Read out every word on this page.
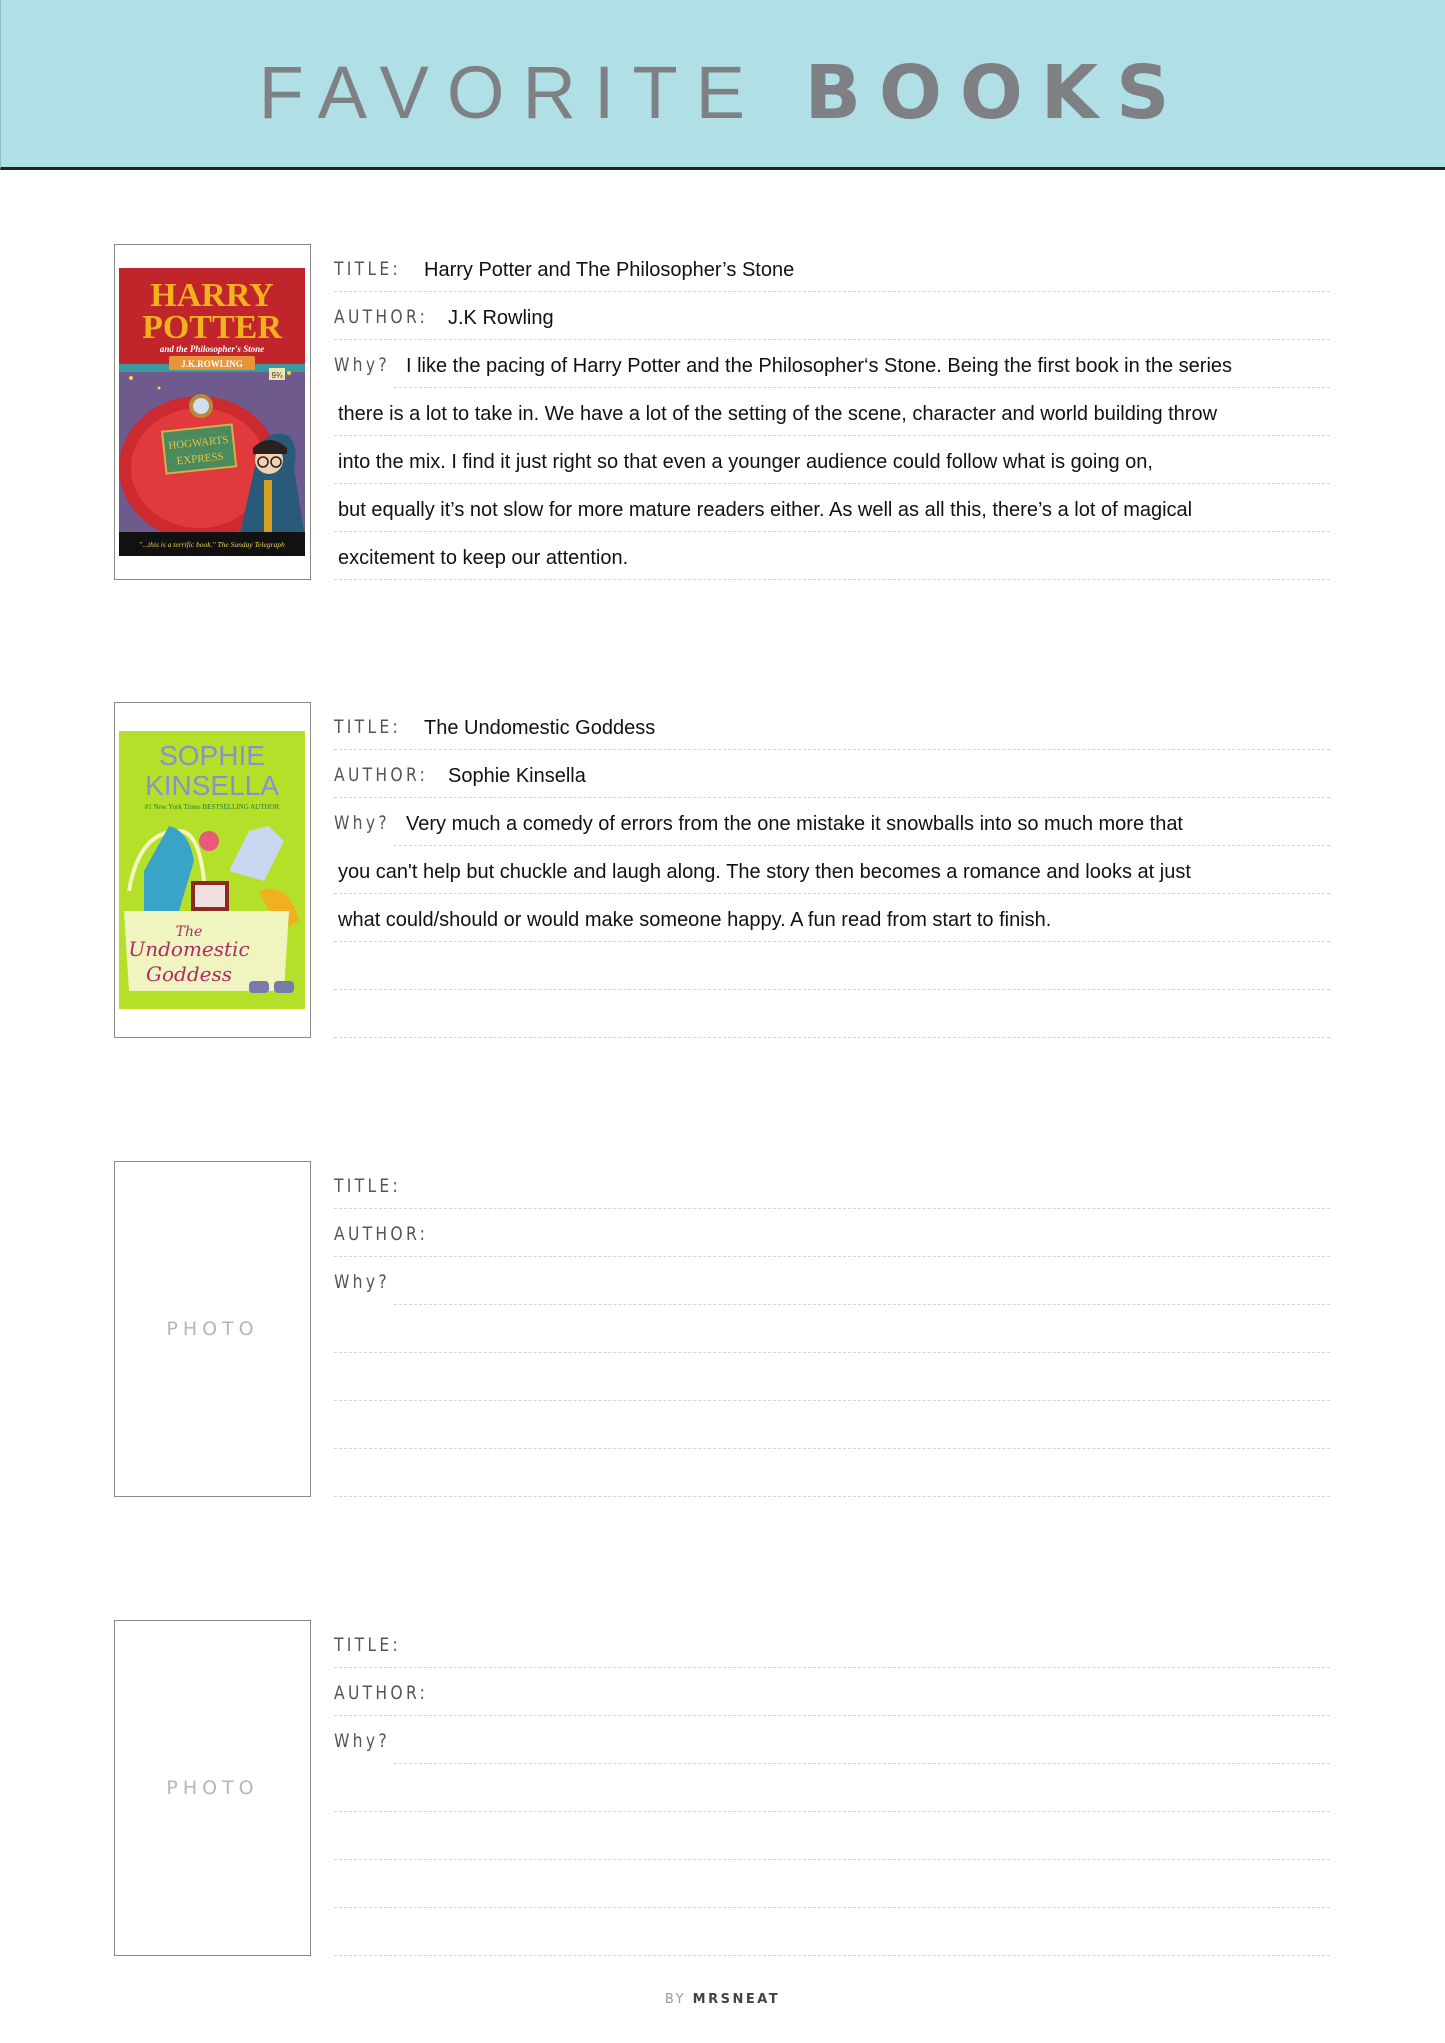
FAVORITE BOOKS
HOGWARTS
EXPRESS
"...this is a terrific book." The Sunday Telegraph
HARRY
POTTER
and the Philosopher's Stone
J.K.ROWLING
9¾
TITLE: Harry Potter and The Philosopher’s Stone
AUTHOR: J.K Rowling
Why? I like the pacing of Harry Potter and the Philosopher‘s Stone. Being the first book in the series
there is a lot to take in. We have a lot of the setting of the scene, character and world building throw
into the mix. I find it just right so that even a younger audience could follow what is going on,
but equally it’s not slow for more mature readers either. As well as all this, there’s a lot of magical
excitement to keep our attention.
SOPHIE
KINSELLA
#1 New York Times BESTSELLING AUTHOR
The
Undomestic
Goddess
TITLE: The Undomestic Goddess
AUTHOR: Sophie Kinsella
Why? Very much a comedy of errors from the one mistake it snowballs into so much more that
you can't help but chuckle and laugh along. The story then becomes a romance and looks at just
what could/should or would make someone happy. A fun read from start to finish.
PHOTO
TITLE:
AUTHOR:
Why?
PHOTO
TITLE:
AUTHOR:
Why?
BY MRSNEAT
